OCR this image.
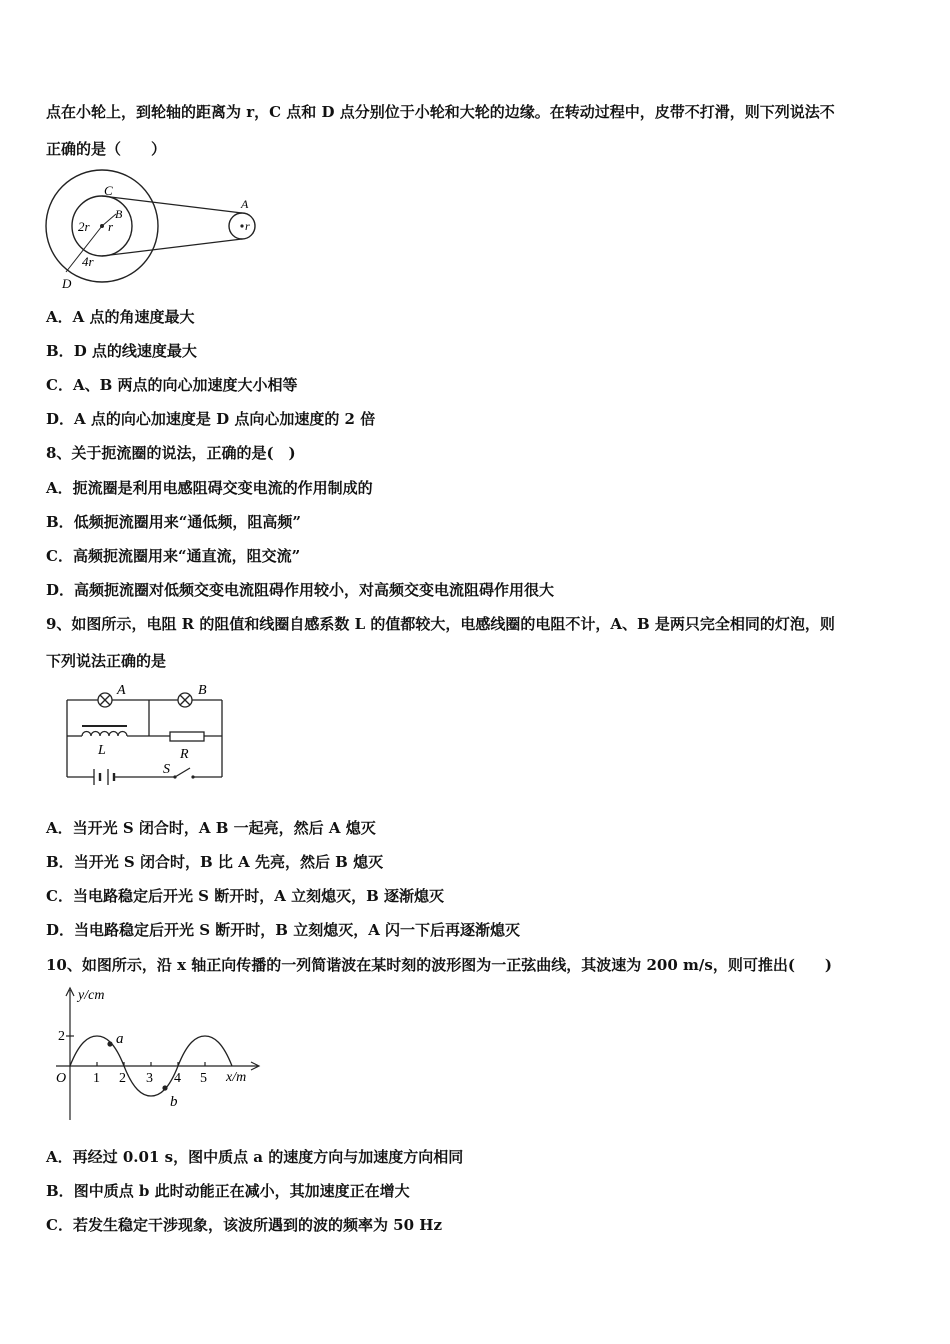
点在小轮上，到轮轴的距离为 r，C 点和 D 点分别位于小轮和大轮的边缘。在转动过程中，皮带不打滑，则下列说法不
正确的是（　　）
C
B
2r r
4r
D
A
r
A．A 点的角速度最大
B．D 点的线速度最大
C．A、B 两点的向心加速度大小相等
D．A 点的向心加速度是 D 点向心加速度的 2 倍
8、关于扼流圈的说法，正确的是(　)
A．扼流圈是利用电感阻碍交变电流的作用制成的
B．低频扼流圈用来“通低频，阻高频”
C．高频扼流圈用来“通直流，阻交流”
D．高频扼流圈对低频交变电流阻碍作用较小，对高频交变电流阻碍作用很大
9、如图所示，电阻 R 的阻值和线圈自感系数 L 的值都较大，电感线圈的电阻不计，A、B 是两只完全相同的灯泡，则
下列说法正确的是
A	B
L	R
S
A．当开光 S 闭合时，A B 一起亮，然后 A 熄灭
B．当开光 S 闭合时，B 比 A 先亮，然后 B 熄灭
C．当电路稳定后开光 S 断开时，A 立刻熄灭，B 逐渐熄灭
D．当电路稳定后开光 S 断开时，B 立刻熄灭，A 闪一下后再逐渐熄灭
10、如图所示，沿 x 轴正向传播的一列简谐波在某时刻的波形图为一正弦曲线，其波速为 200 m/s，则可推出(　　)
y/cm
x/m
O
2
1 2 3 4 5
a
b
A．再经过 0.01 s，图中质点 a 的速度方向与加速度方向相同
B．图中质点 b 此时动能正在减小，其加速度正在增大
C．若发生稳定干涉现象，该波所遇到的波的频率为 50 Hz
